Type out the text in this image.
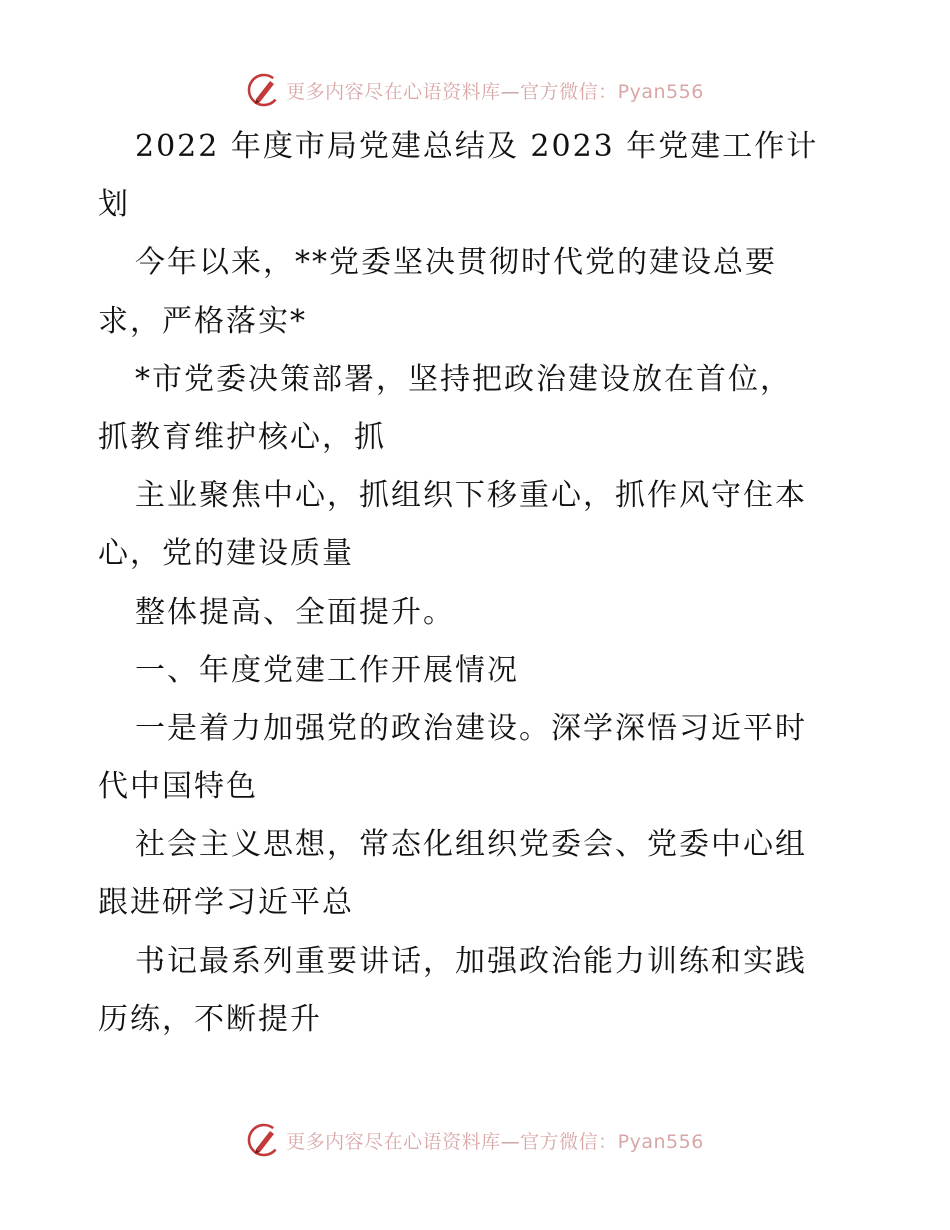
更多内容尽在心语资料库—官方微信：Pyan556
2022 年度市局党建总结及 2023 年党建工作计
划
今年以来，**党委坚决贯彻时代党的建设总要
求，严格落实*
*市党委决策部署，坚持把政治建设放在首位，
抓教育维护核心，抓
主业聚焦中心，抓组织下移重心，抓作风守住本
心，党的建设质量
整体提高、全面提升。
一、年度党建工作开展情况
一是着力加强党的政治建设。深学深悟习近平时
代中国特色
社会主义思想，常态化组织党委会、党委中心组
跟进研学习近平总
书记最系列重要讲话，加强政治能力训练和实践
历练，不断提升
更多内容尽在心语资料库—官方微信：Pyan556
